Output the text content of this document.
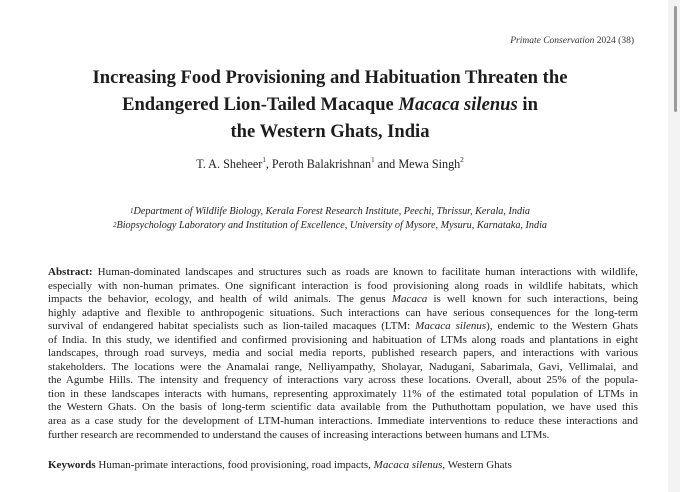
Primate Conservation 2024 (38)
Increasing Food Provisioning and Habituation Threaten the
Endangered Lion-Tailed Macaque Macaca silenus in
the Western Ghats, India
T. A. Sheheer$^1$, Peroth Balakrishnan$^1$ and Mewa Singh$^2$
$^1$Department of Wildlife Biology, Kerala Forest Research Institute, Peechi, Thrissur, Kerala, India
$^2$Biopsychology Laboratory and Institution of Excellence, University of Mysore, Mysuru, Karnataka, India
Abstract: Human-dominated landscapes and structures such as roads are known to facilitate human interactions with wildlife,
especially with non-human primates. One significant interaction is food provisioning along roads in wildlife habitats, which
impacts the behavior, ecology, and health of wild animals. The genus Macaca is well known for such interactions, being
highly adaptive and flexible to anthropogenic situations. Such interactions can have serious consequences for the long-term
survival of endangered habitat specialists such as lion-tailed macaques (LTM: Macaca silenus), endemic to the Western Ghats
of India. In this study, we identified and confirmed provisioning and habituation of LTMs along roads and plantations in eight
landscapes, through road surveys, media and social media reports, published research papers, and interactions with various
stakeholders. The locations were the Anamalai range, Nelliyampathy, Sholayar, Nadugani, Sabarimala, Gavi, Vellimalai, and
the Agumbe Hills. The intensity and frequency of interactions vary across these locations. Overall, about 25% of the popula-
tion in these landscapes interacts with humans, representing approximately 11% of the estimated total population of LTMs in
the Western Ghats. On the basis of long-term scientific data available from the Puthuthottam population, we have used this
area as a case study for the development of LTM-human interactions. Immediate interventions to reduce these interactions and
further research are recommended to understand the causes of increasing interactions between humans and LTMs.
Keywords Human-primate interactions, food provisioning, road impacts, Macaca silenus, Western Ghats
